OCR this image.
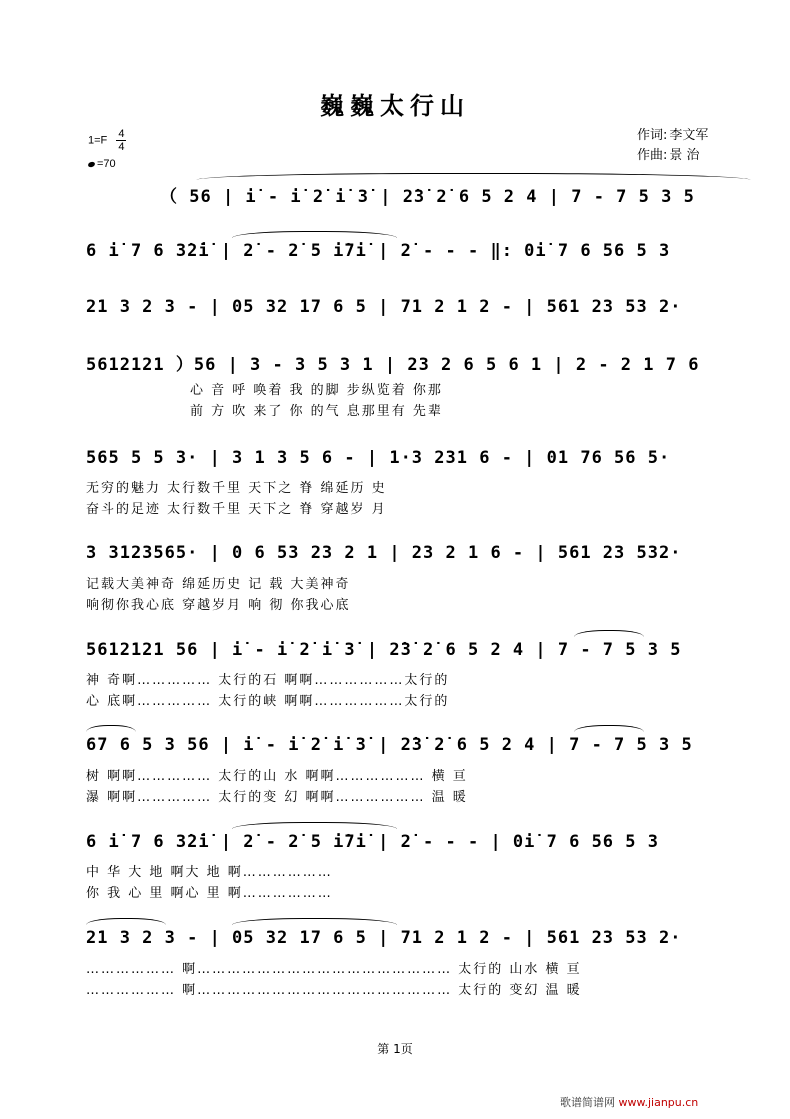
巍巍太行山
$1=F \frac{4}{4}$
=70
作词: 李文军
作曲: 景 治
（ 56 | i̇ - i̇ 2̇ i̇ 3̇ | 2̇3̇ 2̇ 6 5 2 4 | 7 - 7 5 3 5
6 i̇ 7 6 3̇2̇i̇ | 2̇ - 2̇ 5 i̇7i̇ | 2̇ - - - ‖: 0i̇ 7 6 56 5 3
21 3 2 3 - | 05 32 17 6 5 | 71 2 1 2 - | 561 23 53 2·
5612121 ）56 | 3 - 3 5 3 1 | 23 2 6 5 6 1 | 2 - 2 1 7 6
心 音 呼 唤着 我 的脚 步纵览着 你那
前 方 吹 来了 你 的气 息那里有 先辈
565 5 5 3· | 3 1 3 5 6 - | 1·3 231 6 - | 01 76 56 5·
无穷的魅力 太行数千里 天下之 脊 绵延历 史
奋斗的足迹 太行数千里 天下之 脊 穿越岁 月
3 3123565· | 0 6 53 23 2 1 | 23 2 1 6 - | 561 23 532·
记载大美神奇 绵延历史 记 载 大美神奇
响彻你我心底 穿越岁月 响 彻 你我心底
5612121 56 | i̇ - i̇ 2̇ i̇ 3̇ | 2̇3̇ 2̇ 6 5 2 4 | 7 - 7 5 3 5
神 奇啊…………… 太行的石 啊啊………………太行的
心 底啊…………… 太行的峡 啊啊………………太行的
67 6 5 3 56 | i̇ - i̇ 2̇ i̇ 3̇ | 2̇3̇ 2̇ 6 5 2 4 | 7 - 7 5 3 5
树 啊啊…………… 太行的山 水 啊啊……………… 横 亘
瀑 啊啊…………… 太行的变 幻 啊啊……………… 温 暖
6 i̇ 7 6 3̇2̇i̇ | 2̇ - 2̇ 5 i̇7i̇ | 2̇ - - - | 0i̇ 7 6 56 5 3
中 华 大 地 啊大 地 啊………………
你 我 心 里 啊心 里 啊………………
21 3 2 3 - | 05 32 17 6 5 | 71 2 1 2 - | 561 23 53 2·
……………… 啊…………………………………………… 太行的 山水 横 亘
……………… 啊…………………………………………… 太行的 变幻 温 暖
第 1页
歌谱简谱网 www.jianpu.cn
